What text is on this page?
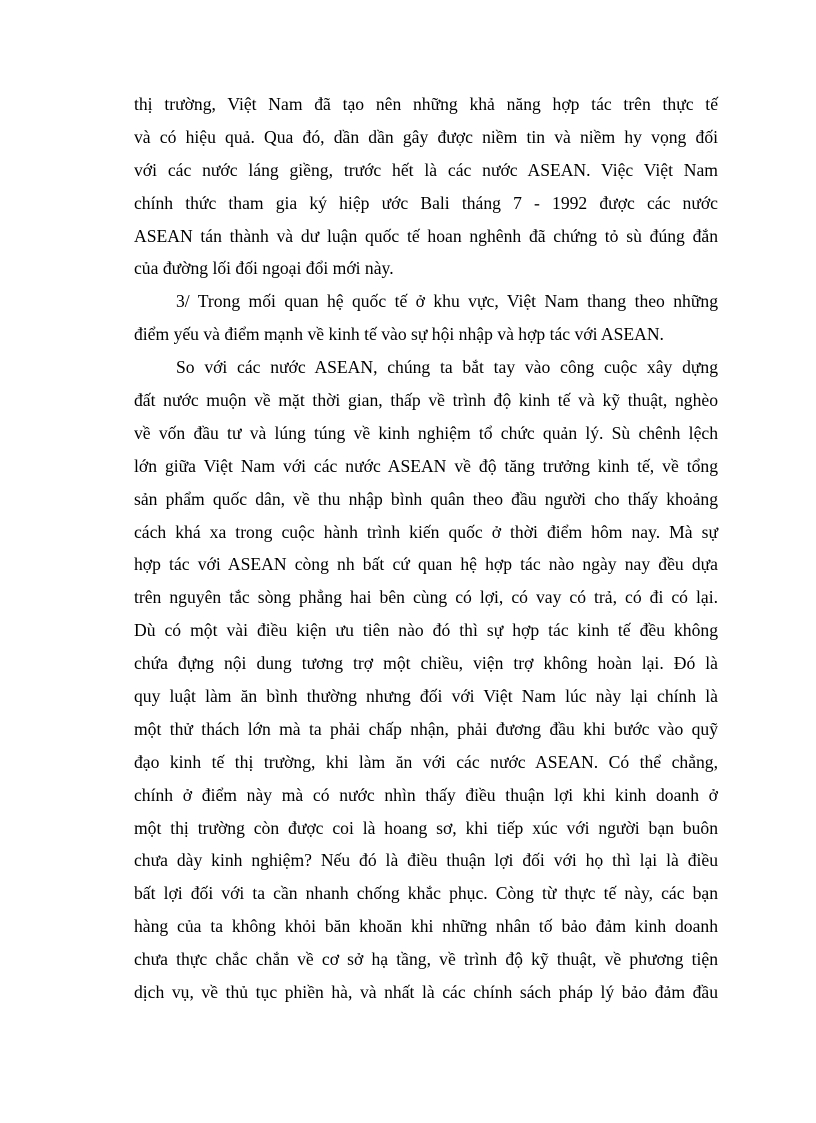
thị trường, Việt Nam đã tạo nên những khả năng hợp tác trên thực tế
và có hiệu quả. Qua đó, dần dần gây được niềm tin và niềm hy vọng đối
với các nước láng giềng, trước hết là các nước ASEAN. Việc Việt Nam
chính thức tham gia ký hiệp ước Bali tháng 7 - 1992 được các nước
ASEAN tán thành và dư luận quốc tế hoan nghênh đã chứng tỏ sù đúng đắn
của đường lối đối ngoại đổi mới này.
3/ Trong mối quan hệ quốc tế ở khu vực, Việt Nam thang theo những
điểm yếu và điểm mạnh về kinh tế vào sự hội nhập và hợp tác với ASEAN.
So với các nước ASEAN, chúng ta bắt tay vào công cuộc xây dựng
đất nước muộn về mặt thời gian, thấp về trình độ kinh tế và kỹ thuật, nghèo
về vốn đầu tư và lúng túng về kinh nghiệm tổ chức quản lý. Sù chênh lệch
lớn giữa Việt Nam với các nước ASEAN về độ tăng trưởng kinh tế, về tổng
sản phẩm quốc dân, về thu nhập bình quân theo đầu người cho thấy khoảng
cách khá xa trong cuộc hành trình kiến quốc ở thời điểm hôm nay. Mà sự
hợp tác với ASEAN còng nh bất cứ quan hệ hợp tác nào ngày nay đều dựa
trên nguyên tắc sòng phẳng hai bên cùng có lợi, có vay có trả, có đi có lại.
Dù có một vài điều kiện ưu tiên nào đó thì sự hợp tác kinh tế đều không
chứa đựng nội dung tương trợ một chiều, viện trợ không hoàn lại. Đó là
quy luật làm ăn bình thường nhưng đối với Việt Nam lúc này lại chính là
một thử thách lớn mà ta phải chấp nhận, phải đương đầu khi bước vào quỹ
đạo kinh tế thị trường, khi làm ăn với các nước ASEAN. Có thể chẳng,
chính ở điểm này mà có nước nhìn thấy điều thuận lợi khi kinh doanh ở
một thị trường còn được coi là hoang sơ, khi tiếp xúc với người bạn buôn
chưa dày kinh nghiệm? Nếu đó là điều thuận lợi đối với họ thì lại là điều
bất lợi đối với ta cần nhanh chống khắc phục. Còng từ thực tế này, các bạn
hàng của ta không khỏi băn khoăn khi những nhân tố bảo đảm kinh doanh
chưa thực chắc chắn về cơ sở hạ tầng, về trình độ kỹ thuật, về phương tiện
dịch vụ, về thủ tục phiền hà, và nhất là các chính sách pháp lý bảo đảm đầu
